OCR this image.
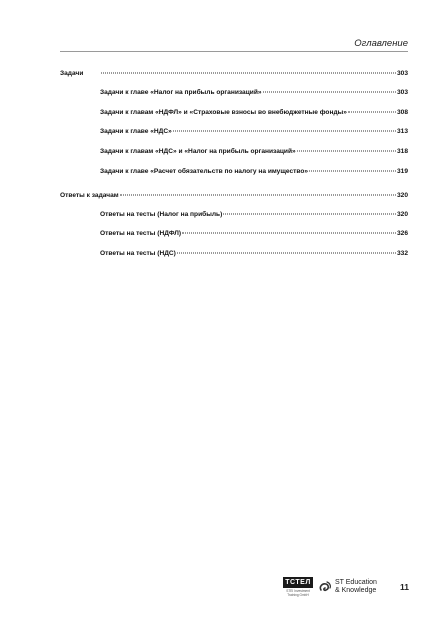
Оглавление
Задачи	303
Задачи к главе «Налог на прибыль организаций»	303
Задачи к главам «НДФЛ» и «Страховые взносы во внебюджетные фонды»	308
Задачи к главе «НДС»	313
Задачи к главам «НДС» и «Налог на прибыль организаций»	318
Задачи к главе «Расчет обязательств по налогу на имущество»	319
Ответы к задачам	320
Ответы на тесты (Налог на прибыль)	320
Ответы на тесты (НДФЛ)	326
Ответы на тесты (НДС)	332
ТСТЕЛ
STEI Investment Training GmbH
ST Education
& Knowledge	11
